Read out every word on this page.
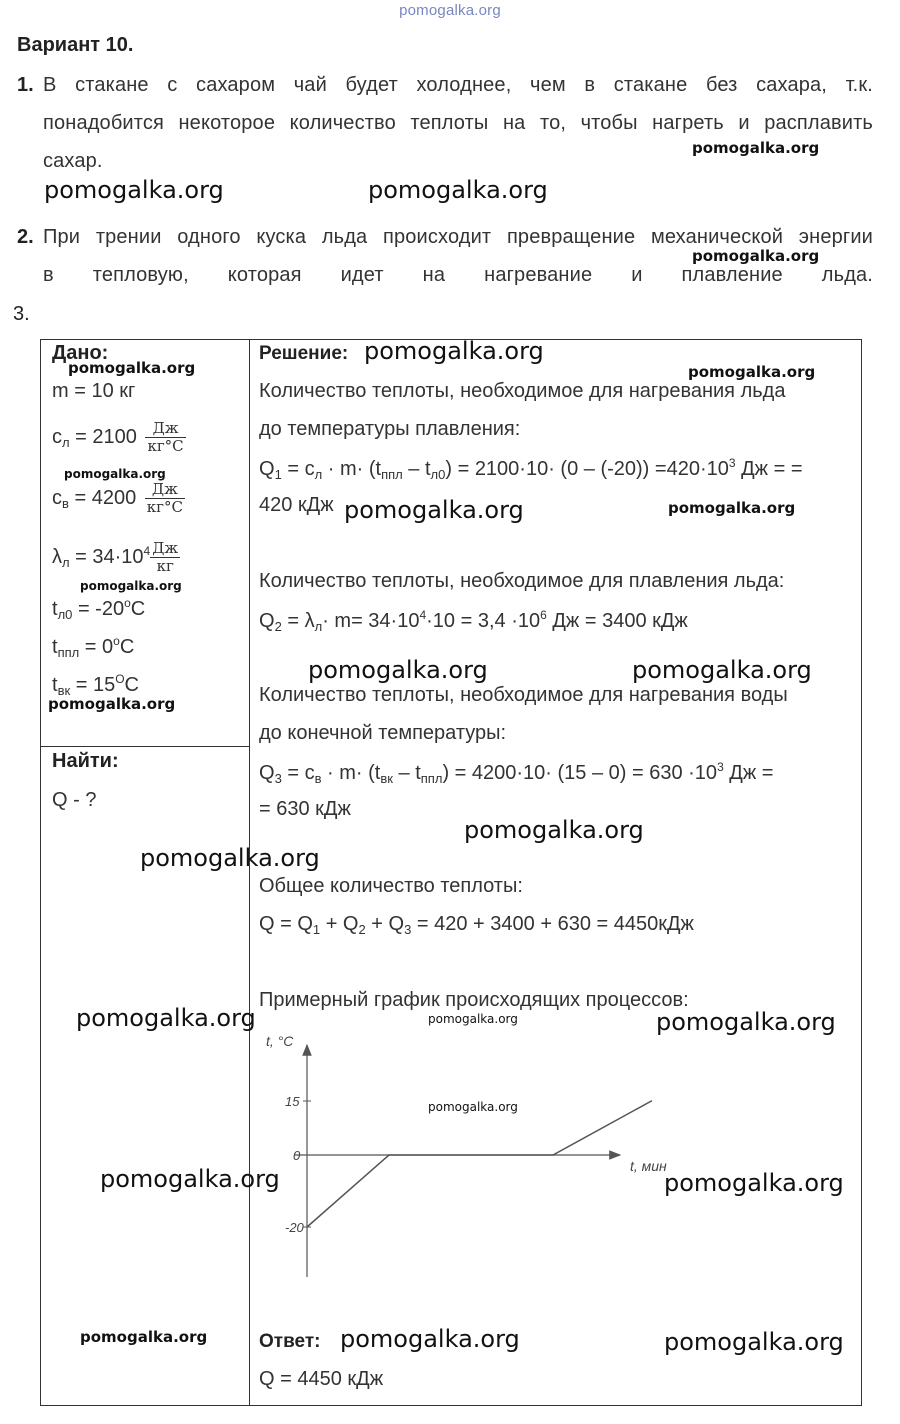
pomogalka.org
Вариант 10.
1. В стакане с сахаром чай будет холоднее, чем в стакане без сахара, т.к.
понадобится некоторое количество теплоты на то, чтобы нагреть и расплавить
сахар.
pomogalka.org
pomogalka.org	pomogalka.org
2. При трении одного куска льда происходит превращение механической энергии
в тепловую, которая идет на нагревание и плавление льда.
pomogalka.org
3.
Дано:
pomogalka.org
m = 10 кг
$c_л = 2100 \frac{Дж}{кг^\circ C}$
pomogalka.org
$c_в = 4200 \frac{Дж}{кг^\circ C}$
$\lambda_л = 34\cdot 10^4 \frac{Дж}{кг}$
pomogalka.org
$t_{л0} = -20^oC$
$t_{ппл} = 0^oC$
$t_{вк} = 15^OC$
pomogalka.org
Найти:
Q - ?
Решение: pomogalka.org
pomogalka.org
Количество теплоты, необходимое для нагревания льда
до температуры плавления:
$Q_1 = c_л \cdot m\cdot (t_{ппл} - t_{л0}) = 2100\cdot 10\cdot (0 - (-20)) =420\cdot 10^3$ Дж = =
420 кДж pomogalka.org	pomogalka.org
Количество теплоты, необходимое для плавления льда:
$Q_2 = \lambda_л\cdot m= 34\cdot 10^4\cdot 10 = 3,4 \cdot 10^6$ Дж = 3400 кДж
pomogalka.org	pomogalka.org
Количество теплоты, необходимое для нагревания воды
до конечной температуры:
$Q_3 = c_в \cdot m\cdot (t_{вк} - t_{ппл}) = 4200\cdot 10\cdot (15 - 0) = 630 \cdot 10^3$ Дж =
= 630 кДж
pomogalka.org
pomogalka.org
Общее количество теплоты:
$Q = Q_1 + Q_2 + Q_3 = 420 + 3400 + 630 = 4450кДж$
Примерный график происходящих процессов:
pomogalka.org	pomogalka.org	pomogalka.org
t, °C
t, мин
15
0
-20
pomogalka.org
pomogalka.org	pomogalka.org
pomogalka.org	Ответ: pomogalka.org	pomogalka.org
Q = 4450 кДж
